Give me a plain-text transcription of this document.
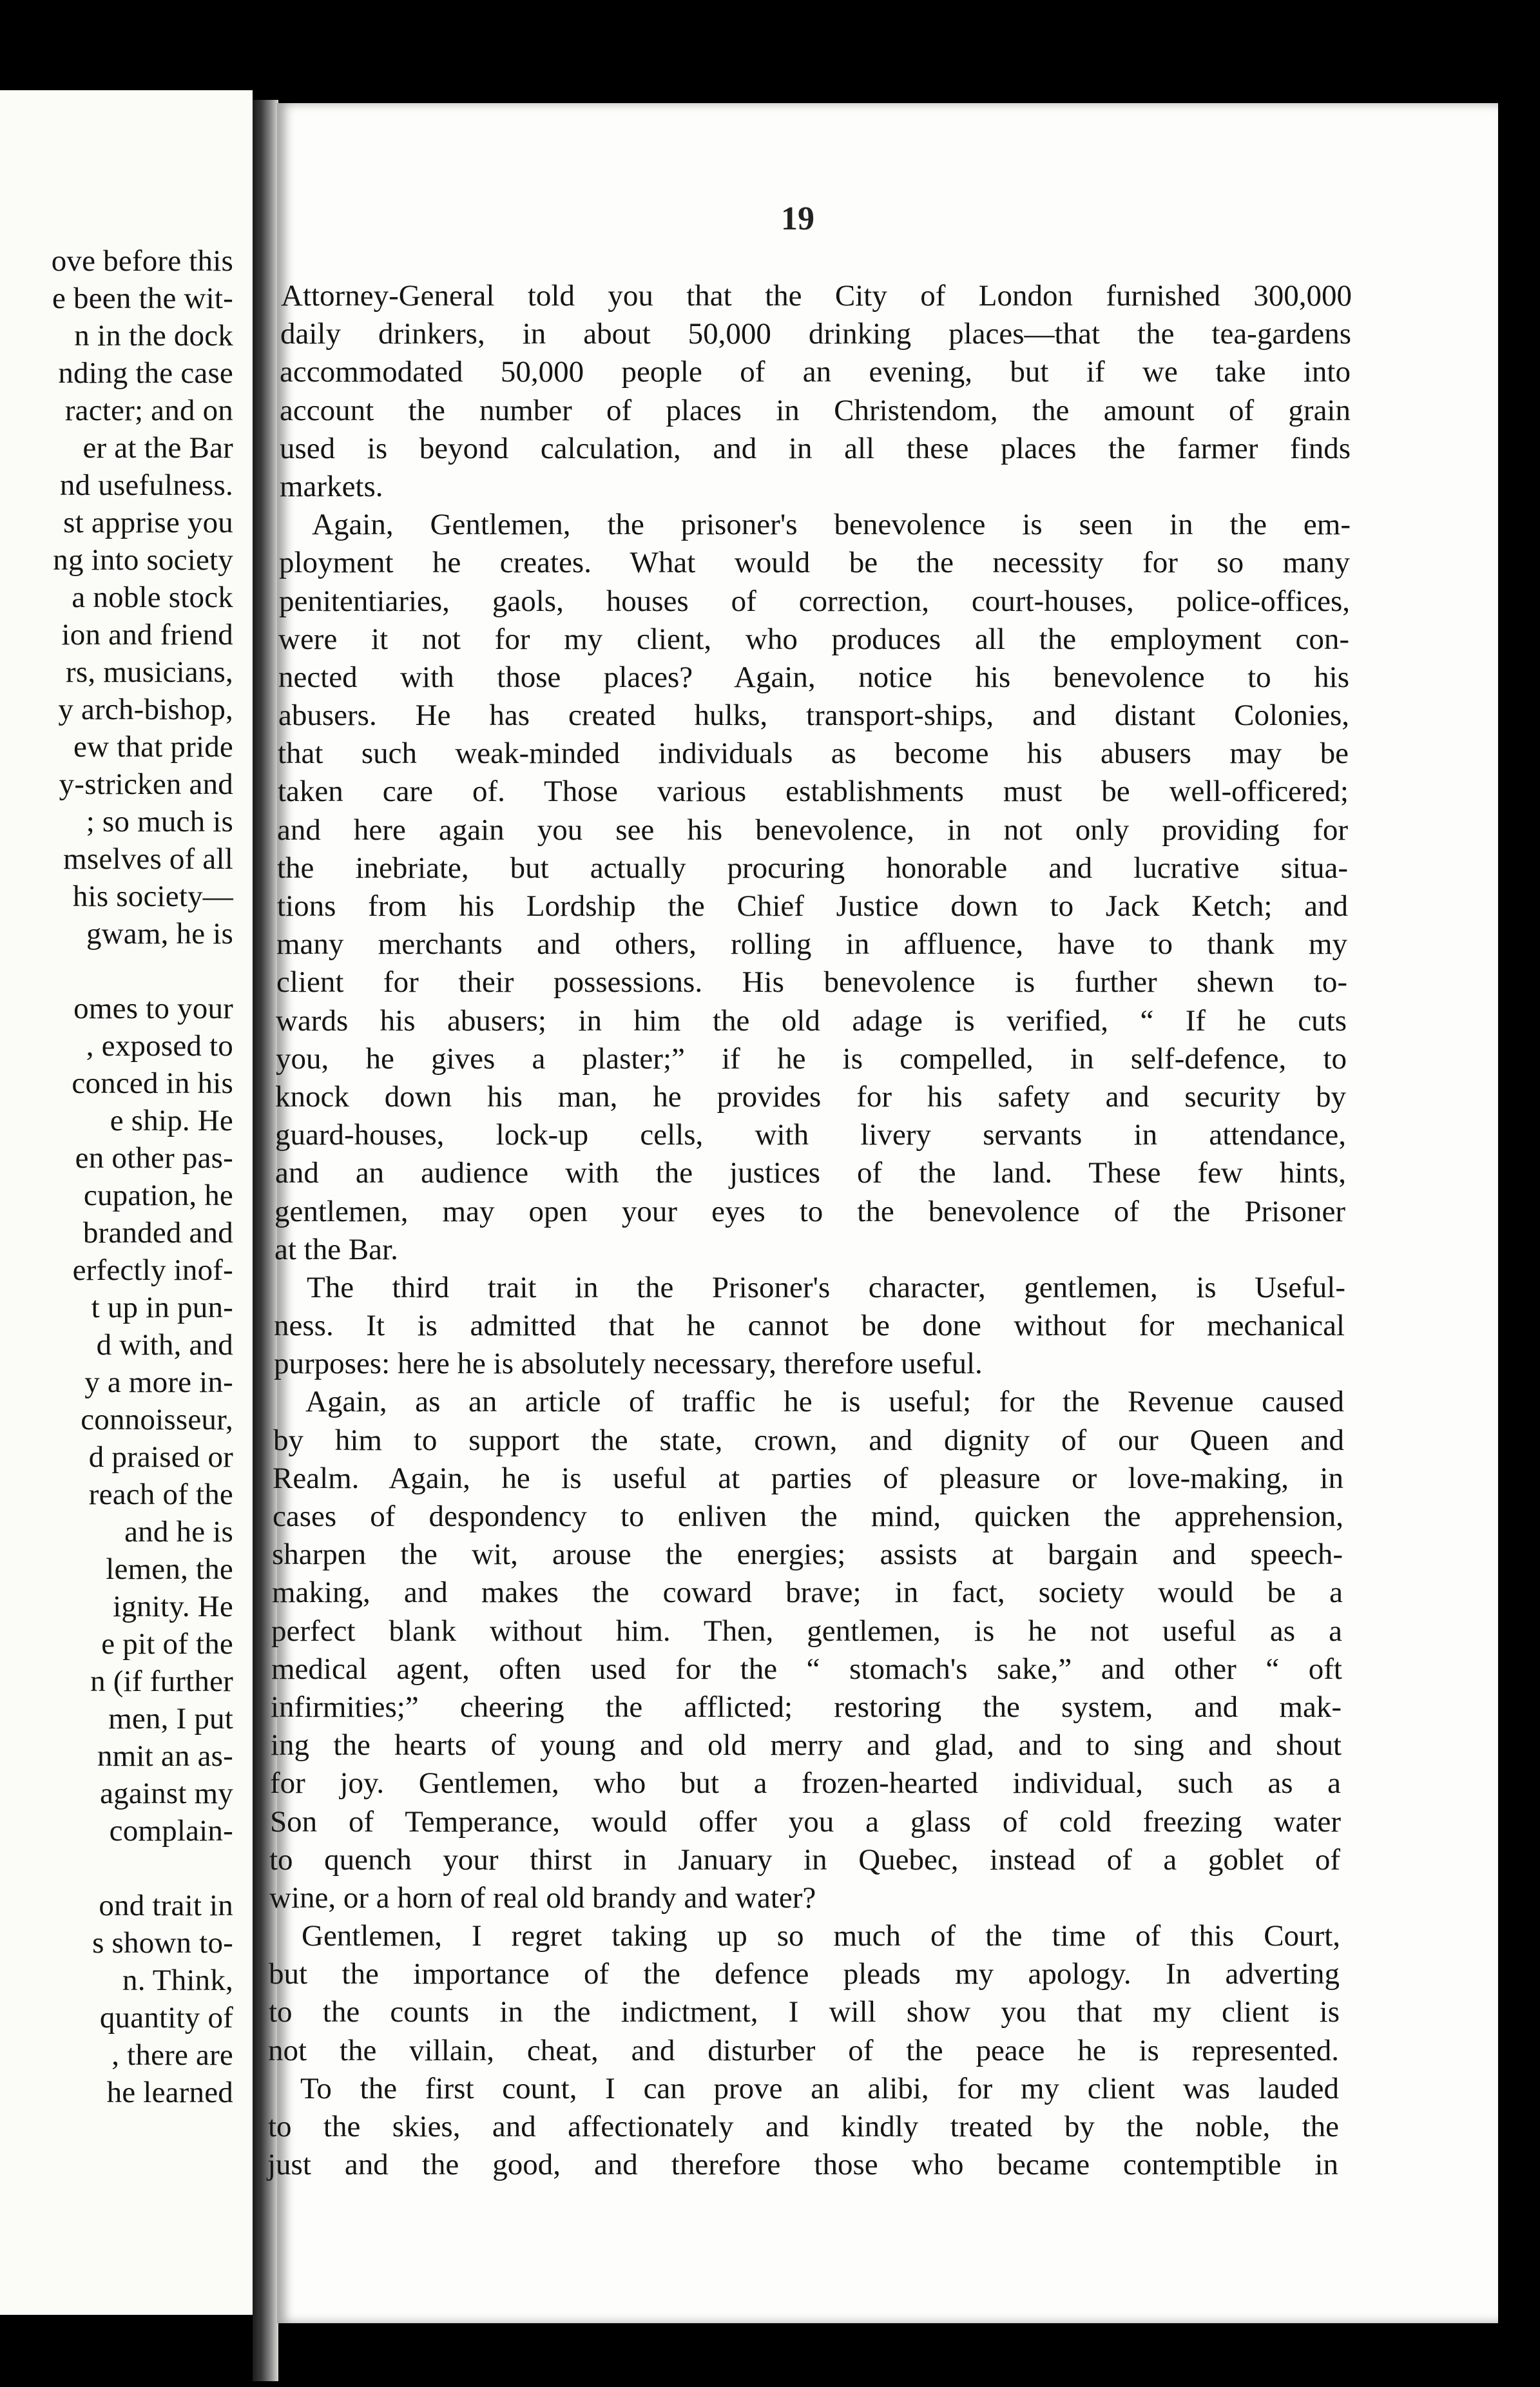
ove before this
e been the wit-
n in the dock
nding the case
racter; and on
er at the Bar
nd usefulness.
st apprise you
ng into society
a noble stock
ion and friend
rs, musicians,
y arch-bishop,
ew that pride
y-stricken and
; so much is
mselves of all
his society—
gwam, he is
omes to your
, exposed to
conced in his
e ship. He
en other pas-
cupation, he
branded and
erfectly inof-
t up in pun-
d with, and
y a more in-
connoisseur,
d praised or
reach of the
and he is
lemen, the
ignity. He
e pit of the
n (if further
men, I put
nmit an as-
against my
complain-
ond trait in
s shown to-
n. Think,
quantity of
, there are
he learned
19
Attorney-General told you that the City of London furnished 300,000
daily drinkers, in about 50,000 drinking places—that the tea-gardens
accommodated 50,000 people of an evening, but if we take into
account the number of places in Christendom, the amount of grain
used is beyond calculation, and in all these places the farmer finds
markets.
Again, Gentlemen, the prisoner's benevolence is seen in the em-
ployment he creates. What would be the necessity for so many
penitentiaries, gaols, houses of correction, court-houses, police-offices,
were it not for my client, who produces all the employment con-
nected with those places? Again, notice his benevolence to his
abusers. He has created hulks, transport-ships, and distant Colonies,
that such weak-minded individuals as become his abusers may be
taken care of. Those various establishments must be well-officered;
and here again you see his benevolence, in not only providing for
the inebriate, but actually procuring honorable and lucrative situa-
tions from his Lordship the Chief Justice down to Jack Ketch; and
many merchants and others, rolling in affluence, have to thank my
client for their possessions. His benevolence is further shewn to-
wards his abusers; in him the old adage is verified, “ If he cuts
you, he gives a plaster;” if he is compelled, in self-defence, to
knock down his man, he provides for his safety and security by
guard-houses, lock-up cells, with livery servants in attendance,
and an audience with the justices of the land. These few hints,
gentlemen, may open your eyes to the benevolence of the Prisoner
at the Bar.
The third trait in the Prisoner's character, gentlemen, is Useful-
ness. It is admitted that he cannot be done without for mechanical
purposes: here he is absolutely necessary, therefore useful.
Again, as an article of traffic he is useful; for the Revenue caused
by him to support the state, crown, and dignity of our Queen and
Realm. Again, he is useful at parties of pleasure or love-making, in
cases of despondency to enliven the mind, quicken the apprehension,
sharpen the wit, arouse the energies; assists at bargain and speech-
making, and makes the coward brave; in fact, society would be a
perfect blank without him. Then, gentlemen, is he not useful as a
medical agent, often used for the “ stomach's sake,” and other “ oft
infirmities;” cheering the afflicted; restoring the system, and mak-
ing the hearts of young and old merry and glad, and to sing and shout
for joy. Gentlemen, who but a frozen-hearted individual, such as a
Son of Temperance, would offer you a glass of cold freezing water
to quench your thirst in January in Quebec, instead of a goblet of
wine, or a horn of real old brandy and water?
Gentlemen, I regret taking up so much of the time of this Court,
but the importance of the defence pleads my apology. In adverting
to the counts in the indictment, I will show you that my client is
not the villain, cheat, and disturber of the peace he is represented.
To the first count, I can prove an alibi, for my client was lauded
to the skies, and affectionately and kindly treated by the noble, the
just and the good, and therefore those who became contemptible in
